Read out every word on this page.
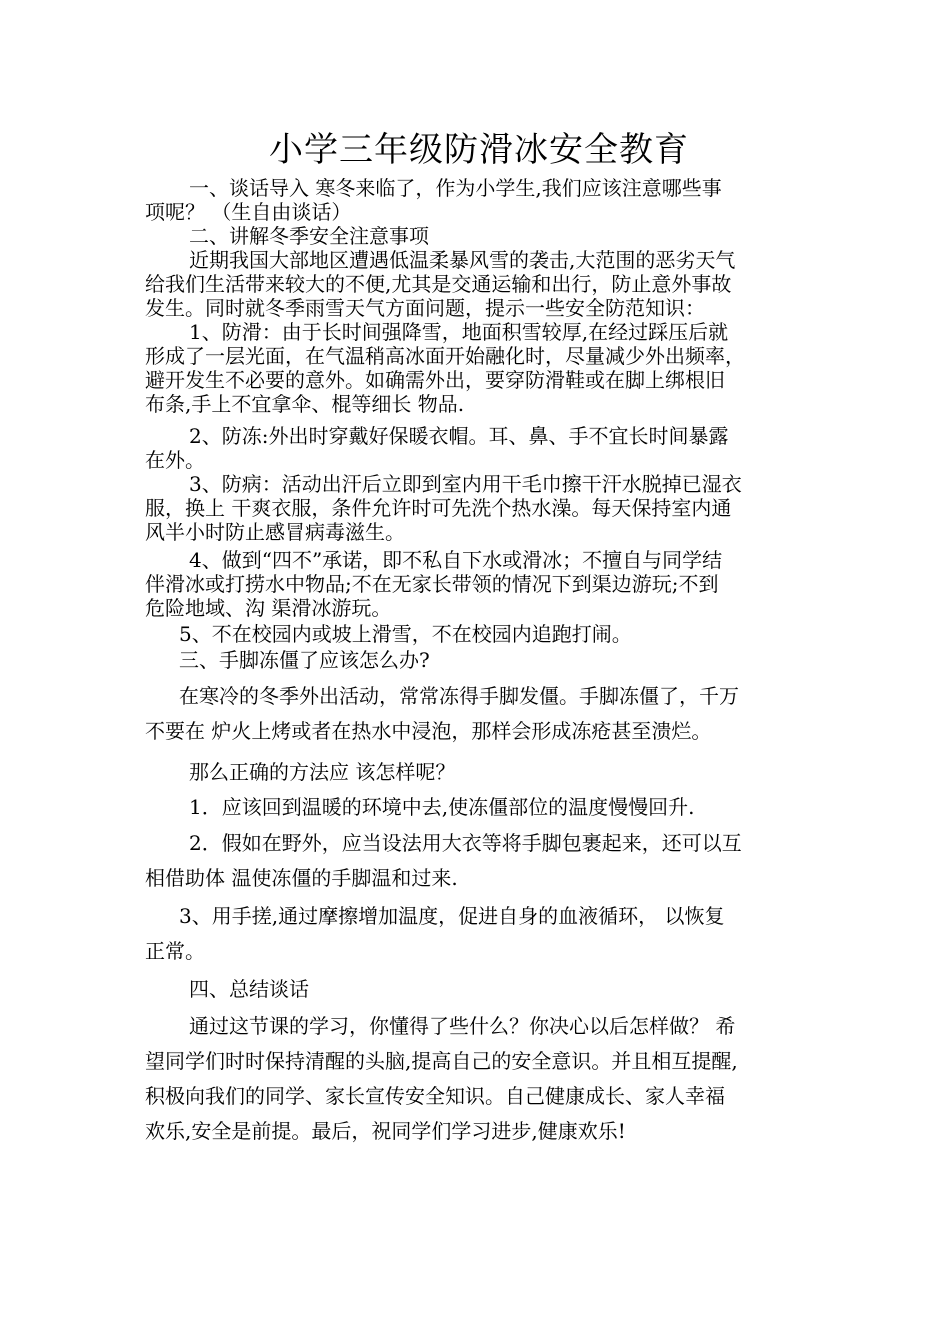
小学三年级防滑冰安全教育
一、谈话导入 寒冬来临了，作为小学生,我们应该注意哪些事
项呢？ （生自由谈话）
二、讲解冬季安全注意事项
近期我国大部地区遭遇低温柔暴风雪的袭击,大范围的恶劣天气
给我们生活带来较大的不便,尤其是交通运输和出行，防止意外事故
发生。同时就冬季雨雪天气方面问题，提示一些安全防范知识：
1、防滑：由于长时间强降雪，地面积雪较厚,在经过踩压后就
形成了一层光面，在气温稍高冰面开始融化时，尽量减少外出频率，
避开发生不必要的意外。如确需外出，要穿防滑鞋或在脚上绑根旧
布条,手上不宜拿伞、棍等细长 物品.
2、防冻:外出时穿戴好保暖衣帽。耳、鼻、手不宜长时间暴露
在外。
3、防病：活动出汗后立即到室内用干毛巾擦干汗水脱掉已湿衣
服，换上 干爽衣服，条件允许时可先洗个热水澡。每天保持室内通
风半小时防止感冒病毒滋生。
4、做到“四不”承诺，即不私自下水或滑冰；不擅自与同学结
伴滑冰或打捞水中物品;不在无家长带领的情况下到渠边游玩;不到
危险地域、沟 渠滑冰游玩。
5、不在校园内或坡上滑雪，不在校园内追跑打闹。
三、手脚冻僵了应该怎么办?
在寒冷的冬季外出活动，常常冻得手脚发僵。手脚冻僵了，千万
不要在 炉火上烤或者在热水中浸泡，那样会形成冻疮甚至溃烂。
那么正确的方法应 该怎样呢？
1．应该回到温暖的环境中去,使冻僵部位的温度慢慢回升.
2．假如在野外，应当设法用大衣等将手脚包裹起来，还可以互
相借助体 温使冻僵的手脚温和过来.
3、用手搓,通过摩擦增加温度，促进自身的血液循环， 以恢复
正常。
四、总结谈话
通过这节课的学习，你懂得了些什么？你决心以后怎样做？ 希
望同学们时时保持清醒的头脑,提高自己的安全意识。并且相互提醒,
积极向我们的同学、家长宣传安全知识。自己健康成长、家人幸福
欢乐,安全是前提。最后，祝同学们学习进步,健康欢乐!
